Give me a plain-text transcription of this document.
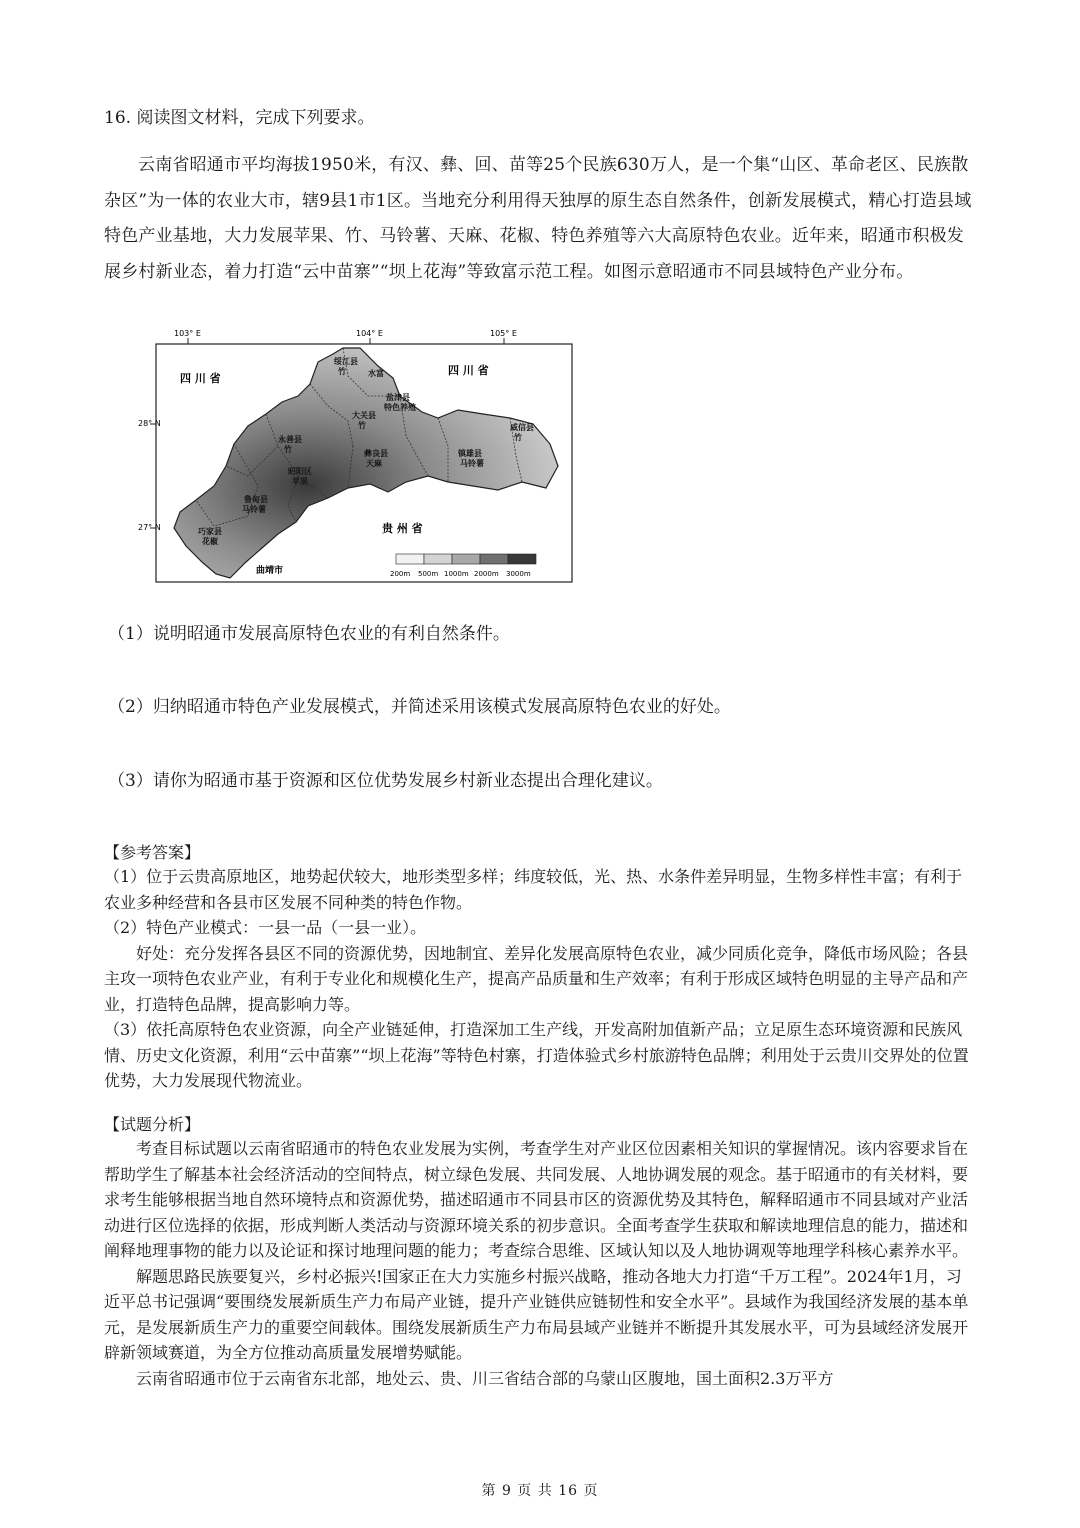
16. 阅读图文材料，完成下列要求。
云南省昭通市平均海拔1950米，有汉、彝、回、苗等25个民族630万人，是一个集“山区、革命老区、民族散杂区”为一体的农业大市，辖9县1市1区。当地充分利用得天独厚的原生态自然条件，创新发展模式，精心打造县域特色产业基地，大力发展苹果、竹、马铃薯、天麻、花椒、特色养殖等六大高原特色农业。近年来，昭通市积极发展乡村新业态，着力打造“云中苗寨”“坝上花海”等致富示范工程。如图示意昭通市不同县域特色产业分布。
103° E	104° E	105° E
28° N
27° N
四 川 省
四 川 省
贵 州 省
曲靖市
绥江县
竹	水富
盐津县
特色养殖
大关县
竹	威信县
竹
永善县
竹	彝良县
天麻
镇雄县
马铃薯
昭阳区
苹果
鲁甸县
马铃薯
巧家县
花椒
200m 500m 1000m 2000m 3000m
（1）说明昭通市发展高原特色农业的有利自然条件。
（2）归纳昭通市特色产业发展模式，并简述采用该模式发展高原特色农业的好处。
（3）请你为昭通市基于资源和区位优势发展乡村新业态提出合理化建议。
【参考答案】

（1）位于云贵高原地区，地势起伏较大，地形类型多样；纬度较低，光、热、水条件差异明显，生物多样性丰富；有利于农业多种经营和各县市区发展不同种类的特色作物。

（2）特色产业模式：一县一品（一县一业）。

好处：充分发挥各县区不同的资源优势，因地制宜、差异化发展高原特色农业，减少同质化竞争，降低市场风险；各县主攻一项特色农业产业，有利于专业化和规模化生产，提高产品质量和生产效率；有利于形成区域特色明显的主导产品和产业，打造特色品牌，提高影响力等。

（3）依托高原特色农业资源，向全产业链延伸，打造深加工生产线，开发高附加值新产品；立足原生态环境资源和民族风情、历史文化资源，利用“云中苗寨”“坝上花海”等特色村寨，打造体验式乡村旅游特色品牌；利用处于云贵川交界处的位置优势，大力发展现代物流业。

【试题分析】

考查目标试题以云南省昭通市的特色农业发展为实例，考查学生对产业区位因素相关知识的掌握情况。该内容要求旨在帮助学生了解基本社会经济活动的空间特点，树立绿色发展、共同发展、人地协调发展的观念。基于昭通市的有关材料，要求考生能够根据当地自然环境特点和资源优势，描述昭通市不同县市区的资源优势及其特色，解释昭通市不同县域对产业活动进行区位选择的依据，形成判断人类活动与资源环境关系的初步意识。全面考查学生获取和解读地理信息的能力，描述和阐释地理事物的能力以及论证和探讨地理问题的能力；考查综合思维、区域认知以及人地协调观等地理学科核心素养水平。

解题思路民族要复兴，乡村必振兴!国家正在大力实施乡村振兴战略，推动各地大力打造“千万工程”。2024年1月，习近平总书记强调“要围绕发展新质生产力布局产业链，提升产业链供应链韧性和安全水平”。县域作为我国经济发展的基本单元，是发展新质生产力的重要空间载体。围绕发展新质生产力布局县域产业链并不断提升其发展水平，可为县域经济发展开辟新领域赛道，为全方位推动高质量发展增势赋能。

云南省昭通市位于云南省东北部，地处云、贵、川三省结合部的乌蒙山区腹地，国土面积2.3万平方

第 9 页 共 16 页
